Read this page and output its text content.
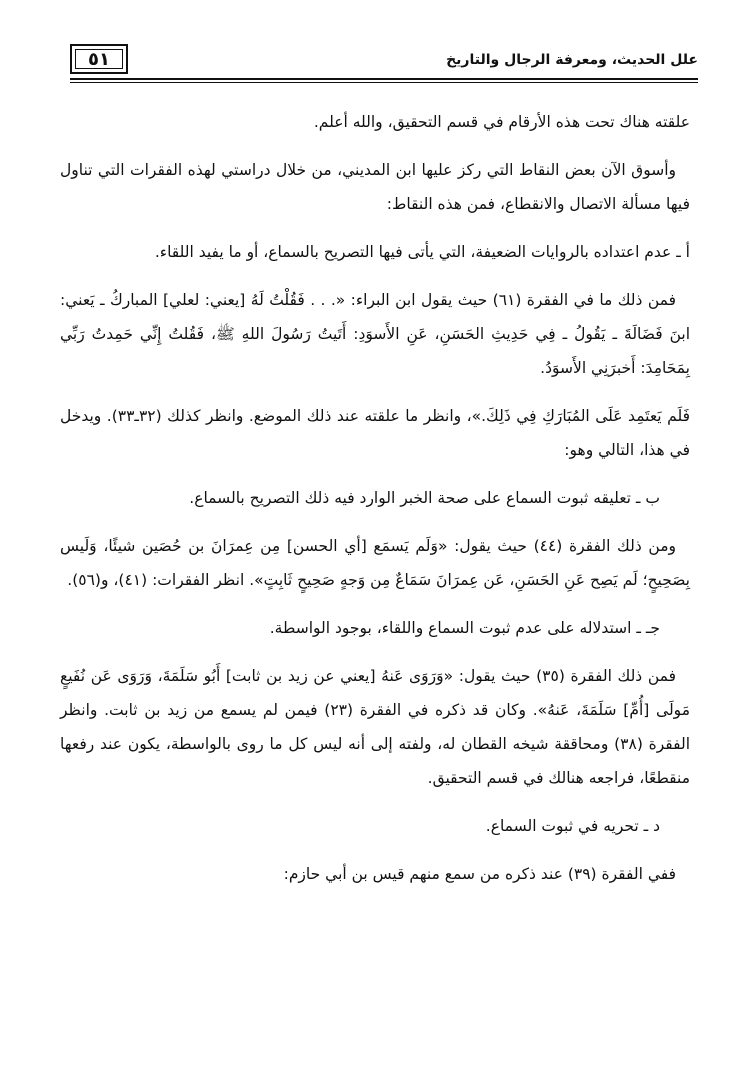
علل الحديث، ومعرفة الرجال والتاريخ
٥١

علقته هناك تحت هذه الأرقام في قسم التحقيق، والله أعلم.

وأسوق الآن بعض النقاط التي ركز عليها ابن المديني، من خلال دراستي لهذه الفقرات التي تناول فيها مسألة الاتصال والانقطاع، فمن هذه النقاط:

أ ـ عدم اعتداده بالروايات الضعيفة، التي يأتى فيها التصريح بالسماع، أو ما يفيد اللقاء.

فمن ذلك ما في الفقرة (٦١) حيث يقول ابن البراء: «. . . فَقُلْتُ لَهُ [يعني: لعلي] المباركُ ـ يَعني: ابنَ فَضَالَةَ ـ يَقُولُ ـ فِي حَدِيثِ الحَسَنِ، عَنِ الأَسوَدِ: أَتَيتُ رَسُولَ اللهِ ﷺ، فَقُلتُ إِنِّي حَمِدتُ رَبِّي بِمَحَامِدَ: أَخبرَنِي الأَسوَدُ.

فَلَم يَعتَمِد عَلَى المُبَارَكِ فِي ذَلِكَ.»، وانظر ما علقته عند ذلك الموضع. وانظر كذلك (٣٢ـ٣٣). ويدخل في هذا، التالي وهو:

ب ـ تعليقه ثبوت السماع على صحة الخبر الوارد فيه ذلك التصريح بالسماع.

ومن ذلك الفقرة (٤٤) حيث يقول: «وَلَم يَسمَع [أي الحسن] مِن عِمرَانَ بن حُصَين شيئًا، وَلَيس بِصَحِيحٍ؛ لَم يَصِح عَنِ الحَسَنِ، عَن عِمرَانَ سَمَاعٌ مِن وَجهٍ صَحِيحٍ ثَابِتٍ». انظر الفقرات: (٤١)، و(٥٦).

جـ ـ استدلاله على عدم ثبوت السماع واللقاء، بوجود الواسطة.

فمن ذلك الفقرة (٣٥) حيث يقول: «وَرَوَى عَنهُ [يعني عن زيد بن ثابت] أَبُو سَلَمَةَ، وَرَوَى عَن نُفَيعٍ مَولَى [أُمِّ] سَلَمَةَ، عَنهُ». وكان قد ذكره في الفقرة (٢٣) فيمن لم يسمع من زيد بن ثابت. وانظر الفقرة (٣٨) ومحاققة شيخه القطان له، ولفته إلى أنه ليس كل ما روى بالواسطة، يكون عند رفعها منقطعًا، فراجعه هنالك في قسم التحقيق.

د ـ تحريه في ثبوت السماع.

ففي الفقرة (٣٩) عند ذكره من سمع منهم قيس بن أبي حازم:
